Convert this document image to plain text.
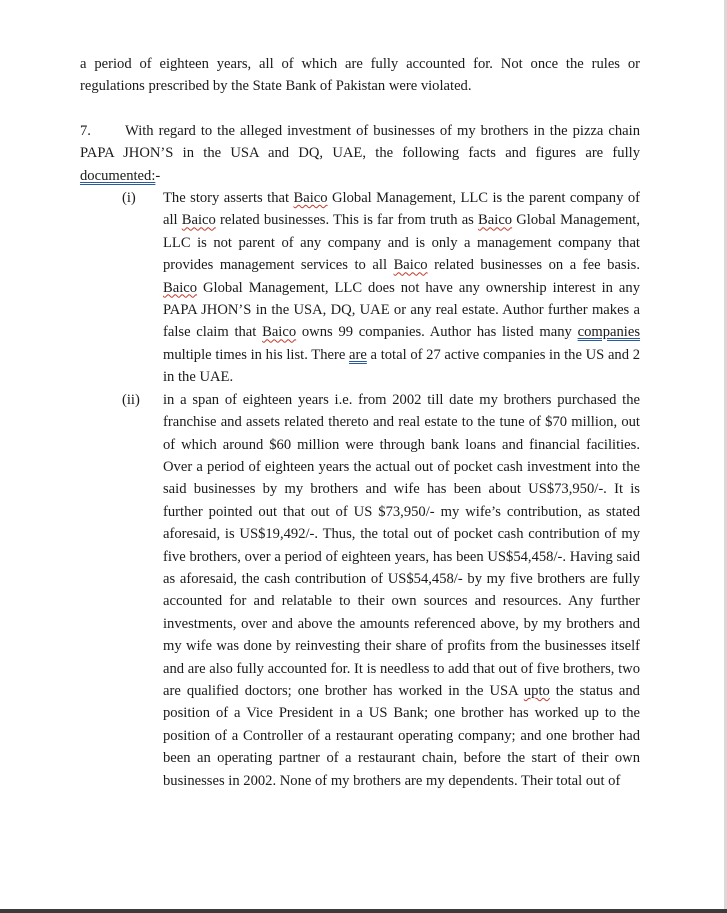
a period of eighteen years, all of which are fully accounted for. Not once the rules or regulations prescribed by the State Bank of Pakistan were violated.
7. With regard to the alleged investment of businesses of my brothers in the pizza chain PAPA JHON’S in the USA and DQ, UAE, the following facts and figures are fully documented:-
(i) The story asserts that Baico Global Management, LLC is the parent company of all Baico related businesses. This is far from truth as Baico Global Management, LLC is not parent of any company and is only a management company that provides management services to all Baico related businesses on a fee basis. Baico Global Management, LLC does not have any ownership interest in any PAPA JHON’S in the USA, DQ, UAE or any real estate. Author further makes a false claim that Baico owns 99 companies. Author has listed many companies multiple times in his list. There are a total of 27 active companies in the US and 2 in the UAE.
(ii) in a span of eighteen years i.e. from 2002 till date my brothers purchased the franchise and assets related thereto and real estate to the tune of $70 million, out of which around $60 million were through bank loans and financial facilities. Over a period of eighteen years the actual out of pocket cash investment into the said businesses by my brothers and wife has been about US$73,950/-. It is further pointed out that out of US $73,950/- my wife’s contribution, as stated aforesaid, is US$19,492/-. Thus, the total out of pocket cash contribution of my five brothers, over a period of eighteen years, has been US$54,458/-. Having said as aforesaid, the cash contribution of US$54,458/- by my five brothers are fully accounted for and relatable to their own sources and resources. Any further investments, over and above the amounts referenced above, by my brothers and my wife was done by reinvesting their share of profits from the businesses itself and are also fully accounted for. It is needless to add that out of five brothers, two are qualified doctors; one brother has worked in the USA upto the status and position of a Vice President in a US Bank; one brother has worked up to the position of a Controller of a restaurant operating company; and one brother had been an operating partner of a restaurant chain, before the start of their own businesses in 2002. None of my brothers are my dependents. Their total out of
